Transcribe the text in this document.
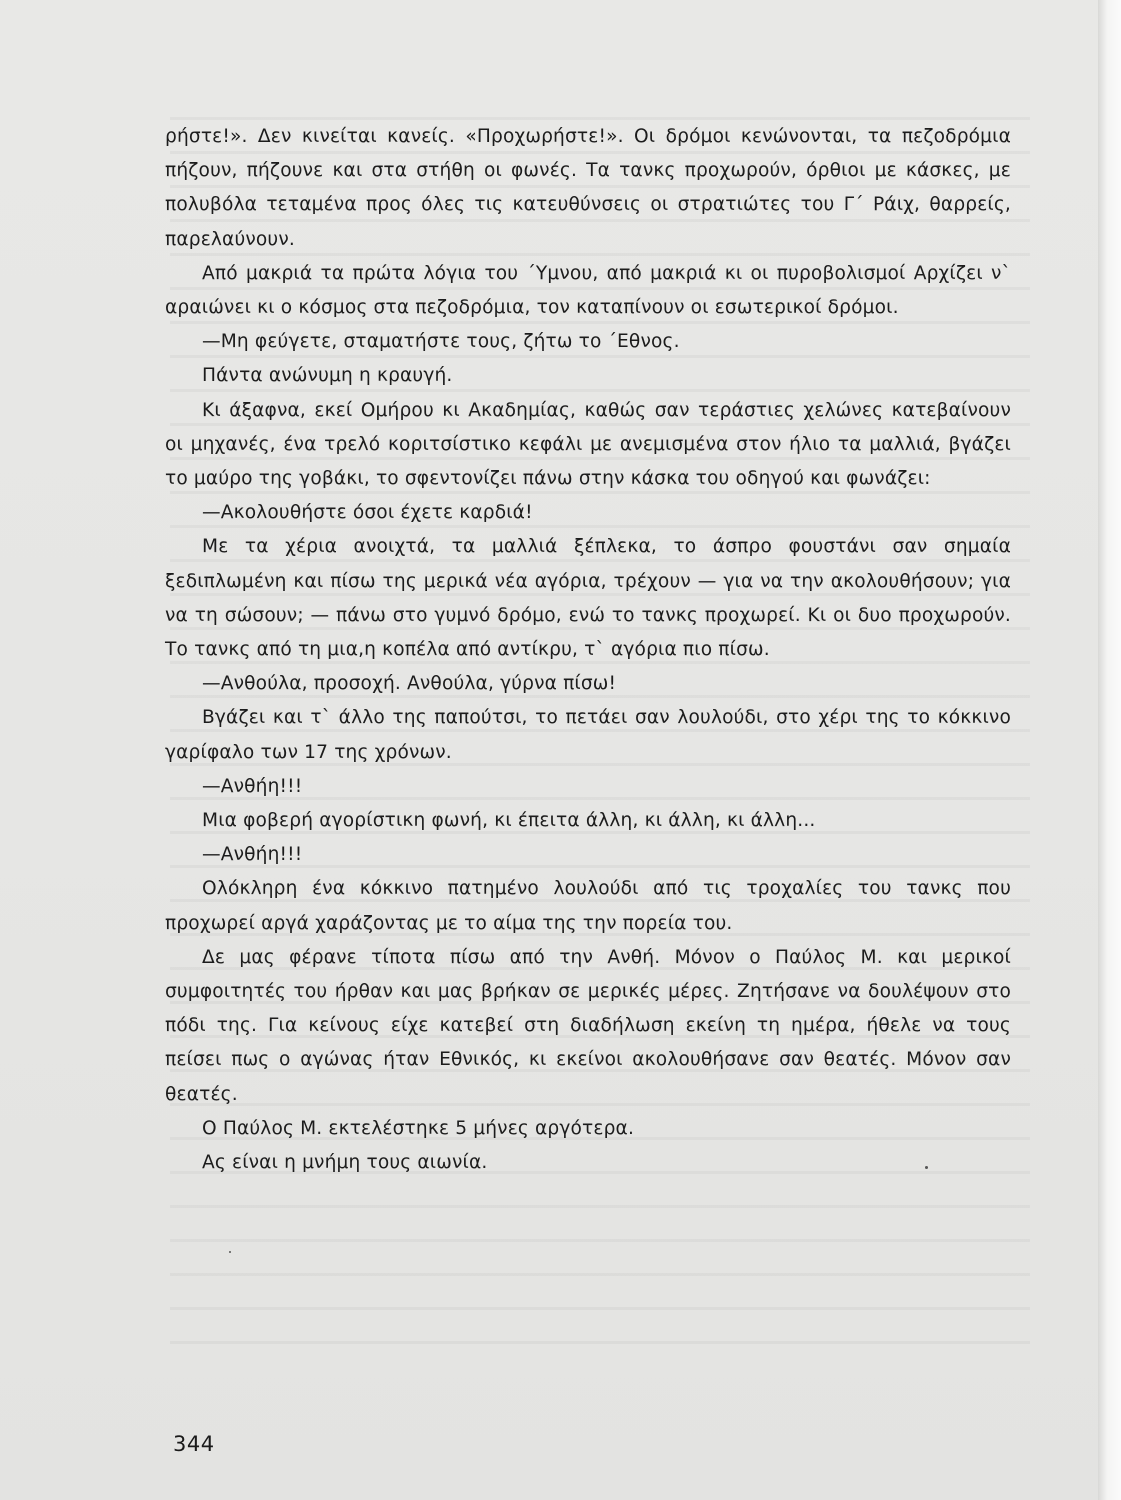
ρήστε!». Δεν κινείται κανείς. «Προχωρήστε!». Οι δρόμοι κενώνονται, τα πεζοδρόμια πήζουν, πήζουνε και στα στήθη οι φωνές. Τα τανκς προχωρούν, όρθιοι με κάσκες, με πολυβόλα τεταμένα προς όλες τις κατευθύνσεις οι στρατιώτες του Γ΄ Ράιχ, θαρρείς, παρελαύνουν.

Από μακριά τα πρώτα λόγια του ΄Υμνου, από μακριά κι οι πυροβολισμοί Αρχίζει ν` αραιώνει κι ο κόσμος στα πεζοδρόμια, τον καταπίνουν οι εσωτερικοί δρόμοι.

—Μη φεύγετε, σταματήστε τους, ζήτω το ΄Εθνος.

Πάντα ανώνυμη η κραυγή.

Κι άξαφνα, εκεί Ομήρου κι Ακαδημίας, καθώς σαν τεράστιες χελώνες κατεβαίνουν οι μηχανές, ένα τρελό κοριτσίστικο κεφάλι με ανεμισμένα στον ήλιο τα μαλλιά, βγάζει το μαύρο της γοβάκι, το σφεντονίζει πάνω στην κάσκα του οδηγού και φωνάζει:

—Ακολουθήστε όσοι έχετε καρδιά!

Με τα χέρια ανοιχτά, τα μαλλιά ξέπλεκα, το άσπρο φουστάνι σαν σημαία ξεδιπλωμένη και πίσω της μερικά νέα αγόρια, τρέχουν — για να την ακολουθήσουν; για να τη σώσουν; — πάνω στο γυμνό δρόμο, ενώ το τανκς προχωρεί. Κι οι δυο προχωρούν. Το τανκς από τη μια,η κοπέλα από αντίκρυ, τ` αγόρια πιο πίσω.

—Ανθούλα, προσοχή. Ανθούλα, γύρνα πίσω!

Βγάζει και τ` άλλο της παπούτσι, το πετάει σαν λουλούδι, στο χέρι της το κόκκινο γαρίφαλο των 17 της χρόνων.

—Ανθήη!!!

Μια φοβερή αγορίστικη φωνή, κι έπειτα άλλη, κι άλλη, κι άλλη...

—Ανθήη!!!

Ολόκληρη ένα κόκκινο πατημένο λουλούδι από τις τροχαλίες του τανκς που προχωρεί αργά χαράζοντας με το αίμα της την πορεία του.

Δε μας φέρανε τίποτα πίσω από την Ανθή. Μόνον ο Παύλος Μ. και μερικοί συμφοιτητές του ήρθαν και μας βρήκαν σε μερικές μέρες. Ζητήσανε να δουλέψουν στο πόδι της. Για κείνους είχε κατεβεί στη διαδήλωση εκείνη τη ημέρα, ήθελε να τους πείσει πως ο αγώνας ήταν Εθνικός, κι εκείνοι ακολουθήσανε σαν θεατές. Μόνον σαν θεατές.

Ο Παύλος Μ. εκτελέστηκε 5 μήνες αργότερα.

Ας είναι η μνήμη τους αιωνία.

344
